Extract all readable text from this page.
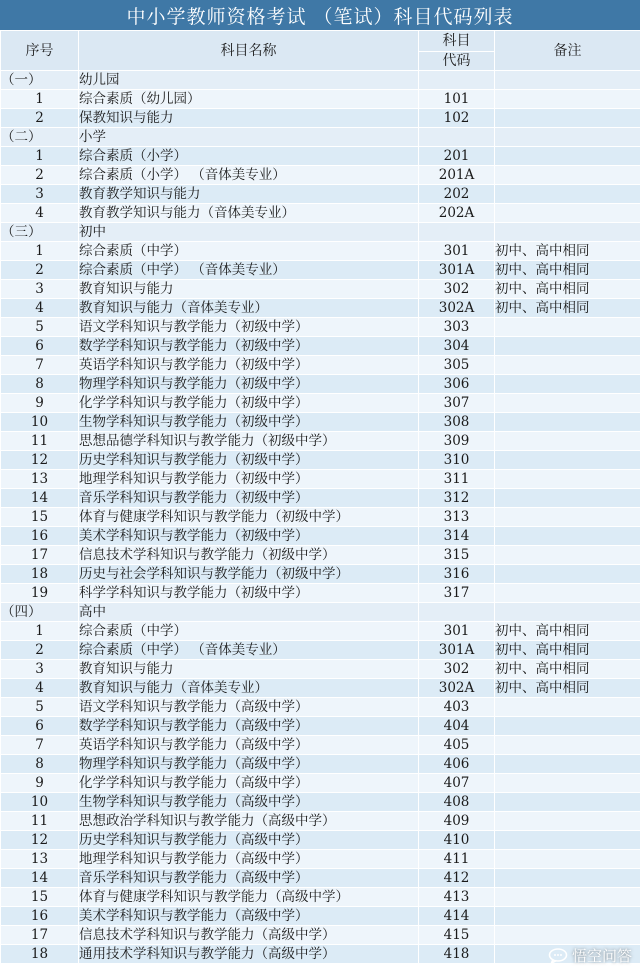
中小学教师资格考试 （笔试）科目代码列表
序号	科目名称	科目	备注
		代码	
（一）	幼儿园		
1	综合素质（幼儿园）	101	
2	保教知识与能力	102	
（二）	小学		
1	综合素质（小学）	201	
2	综合素质（小学） （音体美专业）	201A	
3	教育教学知识与能力	202	
4	教育教学知识与能力（音体美专业）	202A	
（三）	初中		
1	综合素质（中学）	301	初中、高中相同
2	综合素质（中学） （音体美专业）	301A	初中、高中相同
3	教育知识与能力	302	初中、高中相同
4	教育知识与能力（音体美专业）	302A	初中、高中相同
5	语文学科知识与教学能力（初级中学）	303	
6	数学学科知识与教学能力（初级中学）	304	
7	英语学科知识与教学能力（初级中学）	305	
8	物理学科知识与教学能力（初级中学）	306	
9	化学学科知识与教学能力（初级中学）	307	
10	生物学科知识与教学能力（初级中学）	308	
11	思想品德学科知识与教学能力（初级中学）	309	
12	历史学科知识与教学能力（初级中学）	310	
13	地理学科知识与教学能力（初级中学）	311	
14	音乐学科知识与教学能力（初级中学）	312	
15	体育与健康学科知识与教学能力（初级中学）	313	
16	美术学科知识与教学能力（初级中学）	314	
17	信息技术学科知识与教学能力（初级中学）	315	
18	历史与社会学科知识与教学能力（初级中学）	316	
19	科学学科知识与教学能力（初级中学）	317	
（四）	高中		
1	综合素质（中学）	301	初中、高中相同
2	综合素质（中学） （音体美专业）	301A	初中、高中相同
3	教育知识与能力	302	初中、高中相同
4	教育知识与能力（音体美专业）	302A	初中、高中相同
5	语文学科知识与教学能力（高级中学）	403	
6	数学学科知识与教学能力（高级中学）	404	
7	英语学科知识与教学能力（高级中学）	405	
8	物理学科知识与教学能力（高级中学）	406	
9	化学学科知识与教学能力（高级中学）	407	
10	生物学科知识与教学能力（高级中学）	408	
11	思想政治学科知识与教学能力（高级中学）	409	
12	历史学科知识与教学能力（高级中学）	410	
13	地理学科知识与教学能力（高级中学）	411	
14	音乐学科知识与教学能力（高级中学）	412	
15	体育与健康学科知识与教学能力（高级中学）	413	
16	美术学科知识与教学能力（高级中学）	414	
17	信息技术学科知识与教学能力（高级中学）	415	
18	通用技术学科知识与教学能力（高级中学）	418		悟空问答
